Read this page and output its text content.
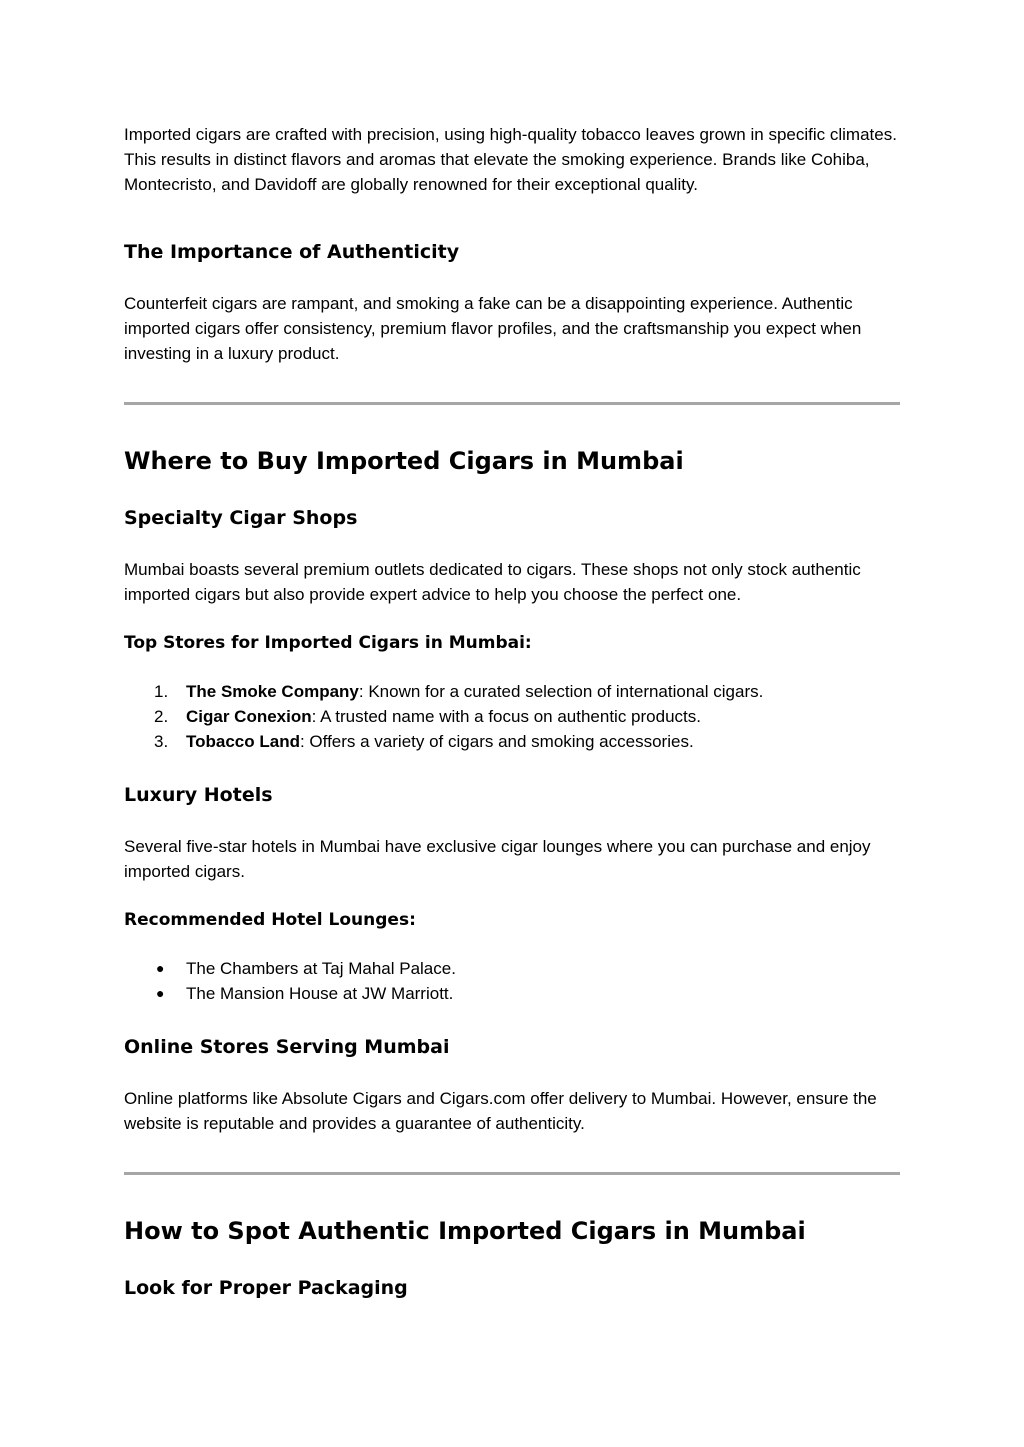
Imported cigars are crafted with precision, using high-quality tobacco leaves grown in specific climates. This results in distinct flavors and aromas that elevate the smoking experience. Brands like Cohiba, Montecristo, and Davidoff are globally renowned for their exceptional quality.

The Importance of Authenticity

Counterfeit cigars are rampant, and smoking a fake can be a disappointing experience. Authentic imported cigars offer consistency, premium flavor profiles, and the craftsmanship you expect when investing in a luxury product.

Where to Buy Imported Cigars in Mumbai
Specialty Cigar Shops

Mumbai boasts several premium outlets dedicated to cigars. These shops not only stock authentic imported cigars but also provide expert advice to help you choose the perfect one.

Top Stores for Imported Cigars in Mumbai:
1.	The Smoke Company: Known for a curated selection of international cigars.
2.	Cigar Conexion: A trusted name with a focus on authentic products.
3.	Tobacco Land: Offers a variety of cigars and smoking accessories.
Luxury Hotels

Several five-star hotels in Mumbai have exclusive cigar lounges where you can purchase and enjoy imported cigars.

Recommended Hotel Lounges:
● The Chambers at Taj Mahal Palace.
● The Mansion House at JW Marriott.
Online Stores Serving Mumbai

Online platforms like Absolute Cigars and Cigars.com offer delivery to Mumbai. However, ensure the website is reputable and provides a guarantee of authenticity.

How to Spot Authentic Imported Cigars in Mumbai
Look for Proper Packaging
